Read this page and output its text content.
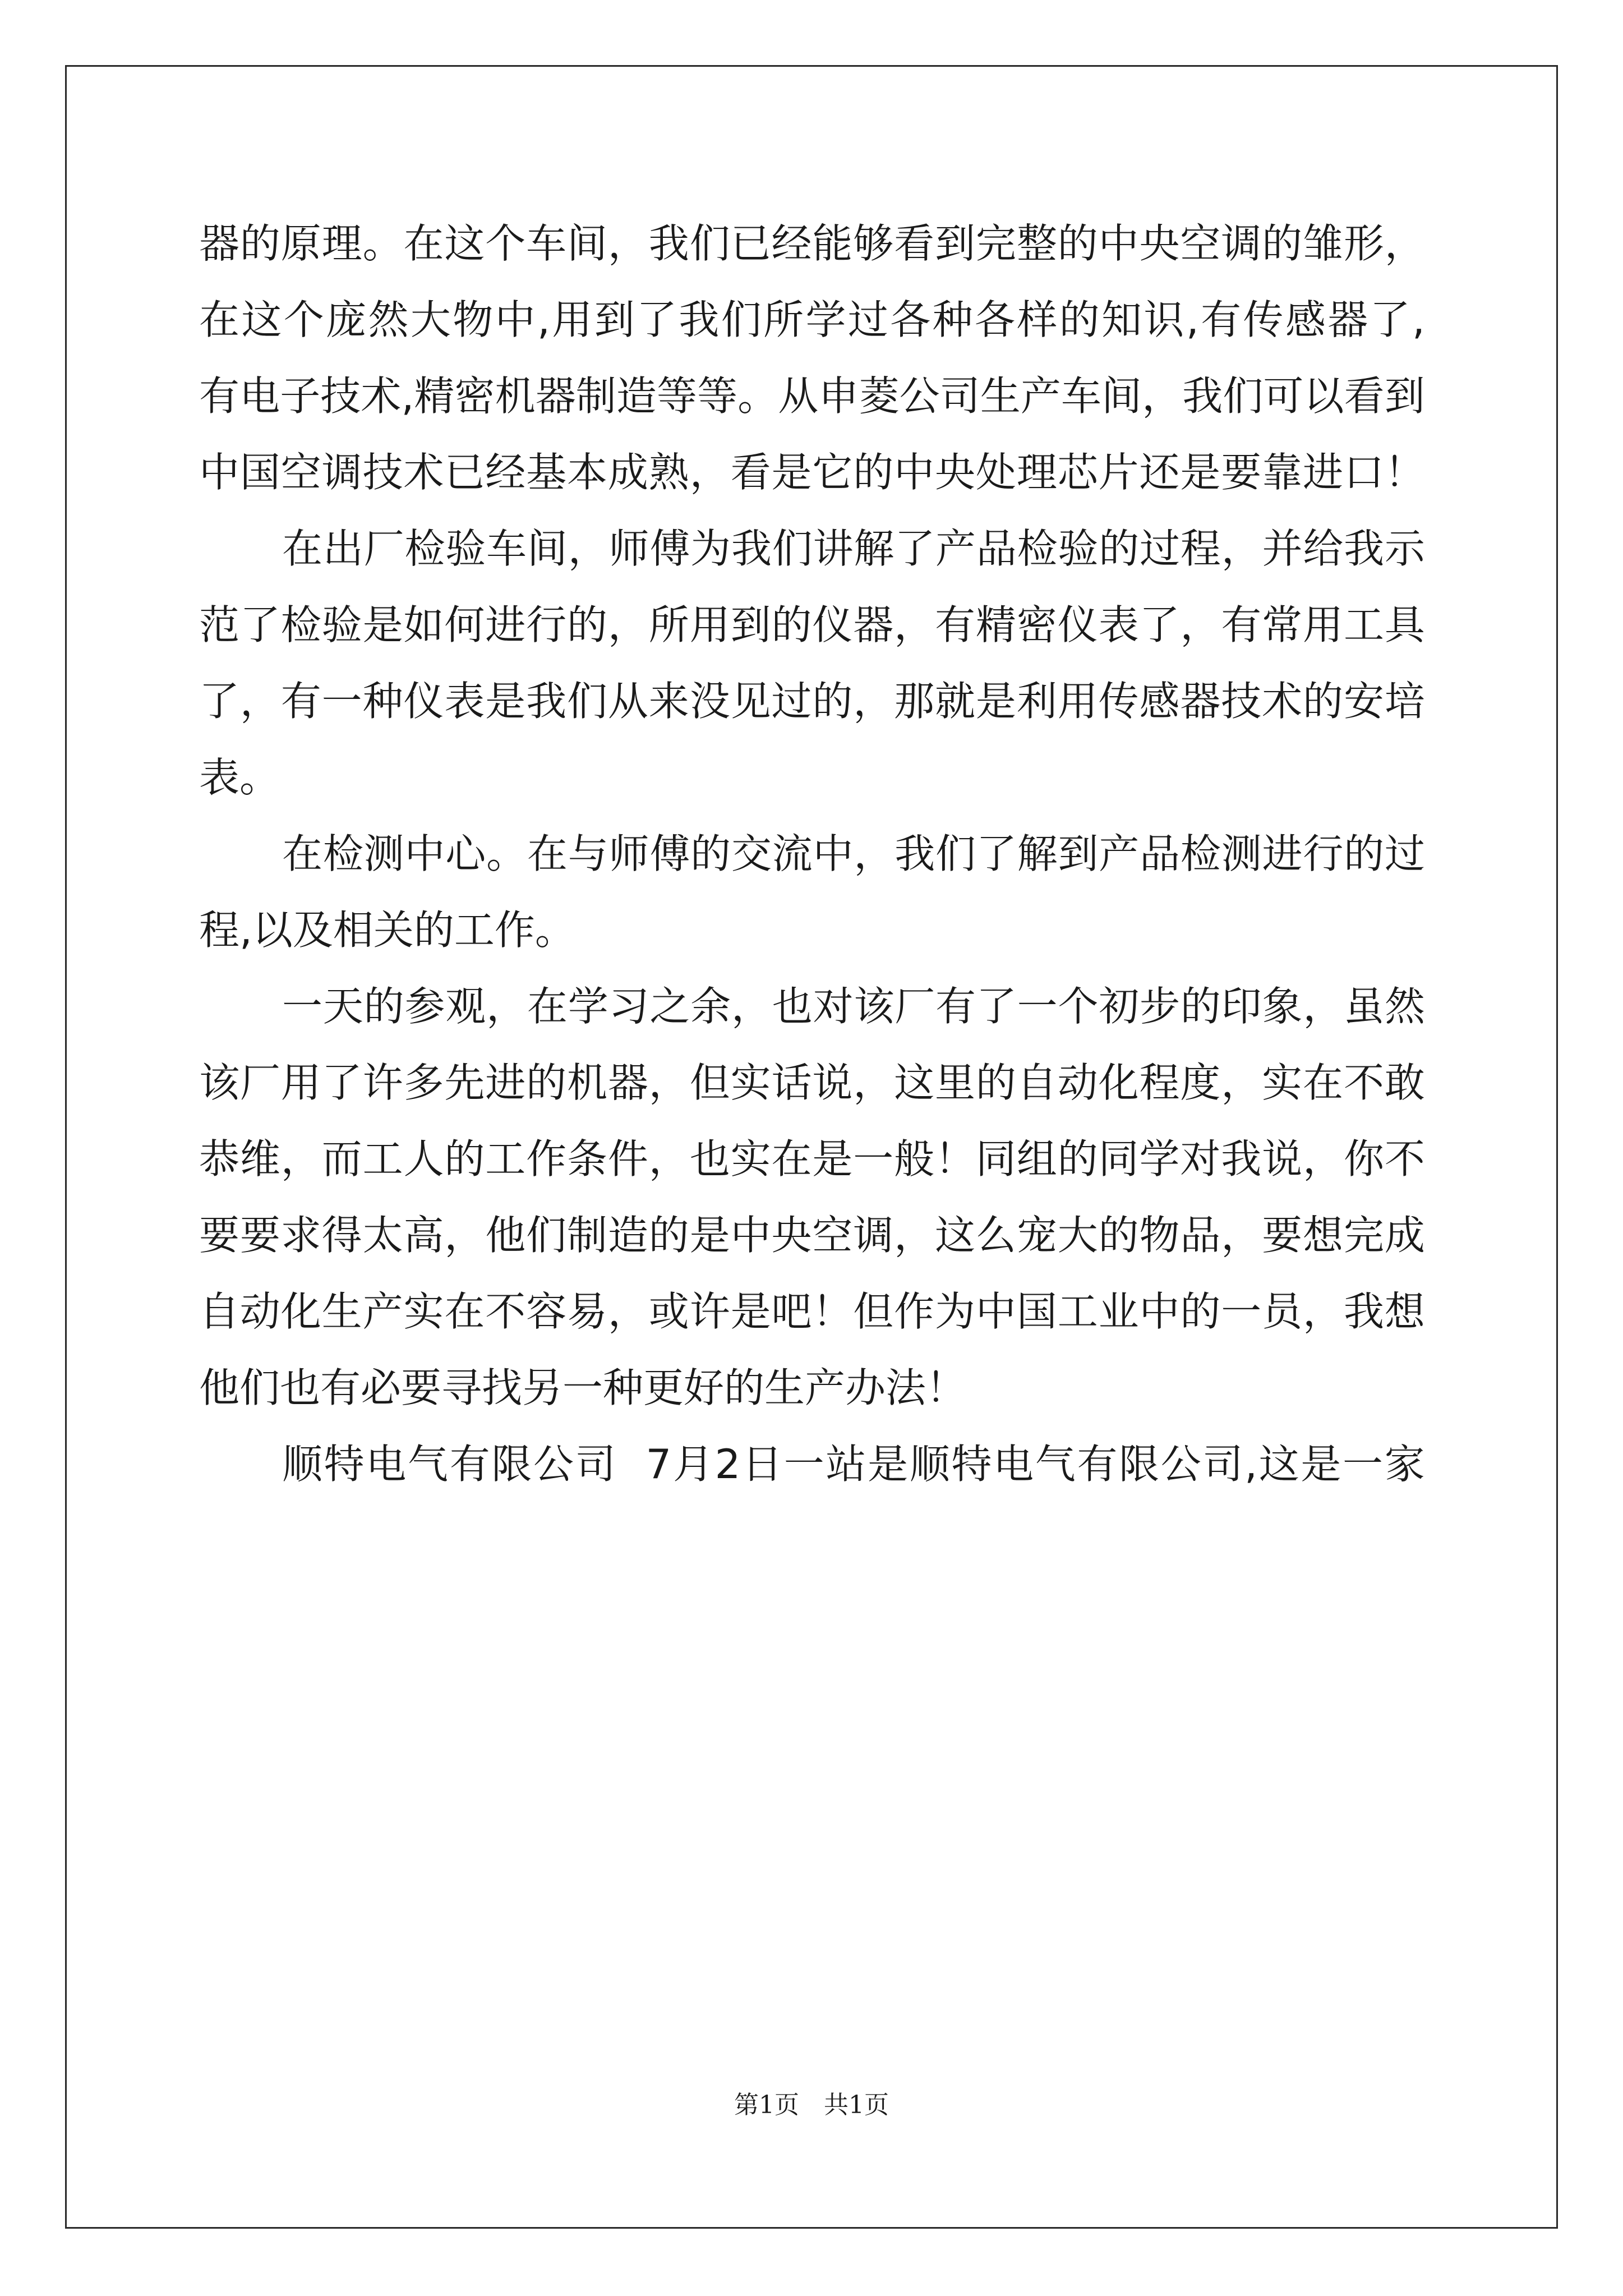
器 的 原 理 。 在 这 个 车 间 ， 我 们 已 经 能 够 看 到 完 整 的 中 央 空 调 的 雏 形 ，
在 这 个 庞 然 大 物 中 , 用 到 了 我 们 所 学 过 各 种 各 样 的 知 识 , 有 传 感 器 了 ,
有 电 子 技 术 , 精 密 机 器 制 造 等 等 。 从 申 菱 公 司 生 产 车 间 ， 我 们 可 以 看 到
中 国 空 调 技 术 已 经 基 本 成 熟 ， 看 是 它 的 中 央 处 理 芯 片 还 是 要 靠 进 口 ！
在 出 厂 检 验 车 间 ， 师 傅 为 我 们 讲 解 了 产 品 检 验 的 过 程 ， 并 给 我 示
范 了 检 验 是 如 何 进 行 的 ， 所 用 到 的 仪 器 ， 有 精 密 仪 表 了 ， 有 常 用 工 具
了 ， 有 一 种 仪 表 是 我 们 从 来 没 见 过 的 ， 那 就 是 利 用 传 感 器 技 术 的 安 培
表。
在 检 测 中 心 。 在 与 师 傅 的 交 流 中 ， 我 们 了 解 到 产 品 检 测 进 行 的 过
程,以及相关的工作。
一 天 的 参 观 ， 在 学 习 之 余 ， 也 对 该 厂 有 了 一 个 初 步 的 印 象 ， 虽 然
该 厂 用 了 许 多 先 进 的 机 器 ， 但 实 话 说 ， 这 里 的 自 动 化 程 度 ， 实 在 不 敢
恭 维 ， 而 工 人 的 工 作 条 件 ， 也 实 在 是 一 般 ！ 同 组 的 同 学 对 我 说 ， 你 不
要 要 求 得 太 高 ， 他 们 制 造 的 是 中 央 空 调 ， 这 么 宠 大 的 物 品 ， 要 想 完 成
自 动 化 生 产 实 在 不 容 易 ， 或 许 是 吧 ！ 但 作 为 中 国 工 业 中 的 一 员 ， 我 想
他们也有必要寻找另一种更好的生产办法！
顺 特 电 气 有 限 公 司

7 月 2 日 一 站 是 顺 特 电 气 有 限 公 司 , 这 是 一 家
第1页 共1页
